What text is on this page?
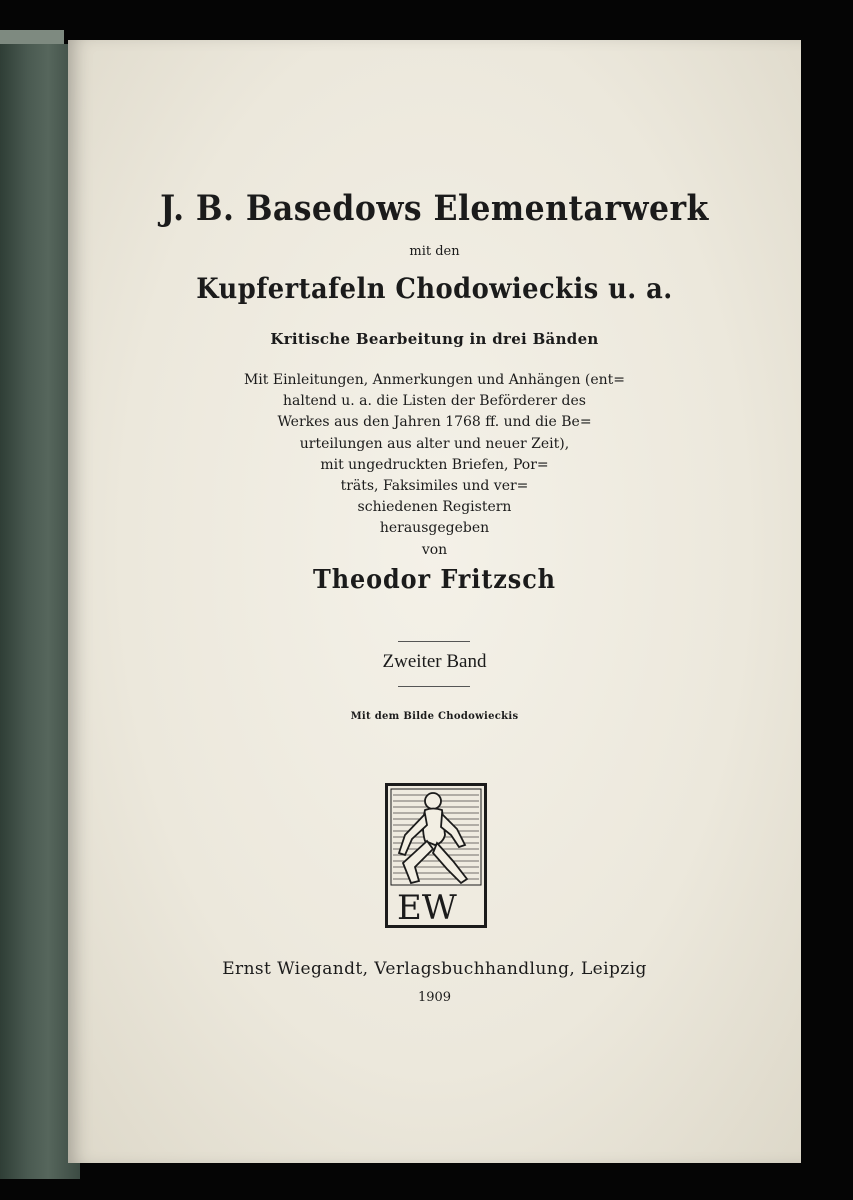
J. B. Basedows Elementarwerk
mit den
Kupfertafeln Chodowieckis u. a.
Kritische Bearbeitung in drei Bänden
Mit Einleitungen, Anmerkungen und Anhängen (ent=
haltend u. a. die Listen der Beförderer des
Werkes aus den Jahren 1768 ff. und die Be=
urteilungen aus alter und neuer Zeit),
mit ungedruckten Briefen, Por=
träts, Faksimiles und ver=
schiedenen Registern
herausgegeben
von
Theodor Fritzsch
Zweiter Band
Mit dem Bilde Chodowieckis
EW
Ernst Wiegandt, Verlagsbuchhandlung, Leipzig
1909
